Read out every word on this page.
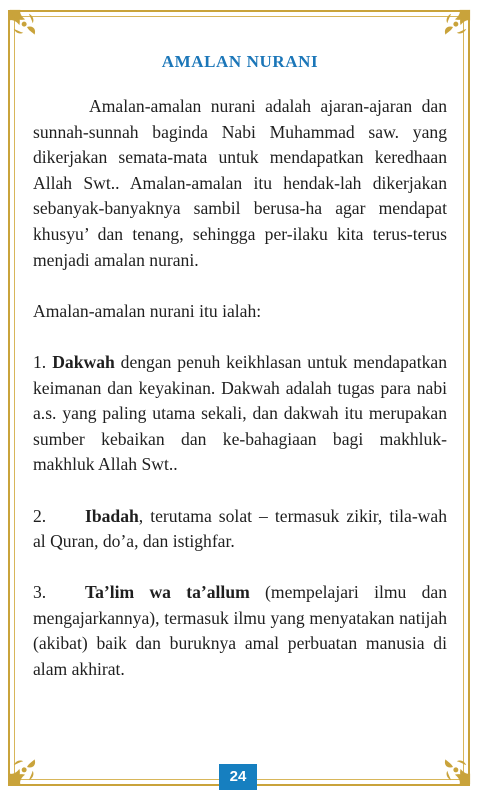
AMALAN NURANI

Amalan-amalan nurani adalah ajaran-ajaran dan sunnah-sunnah baginda Nabi Muhammad saw. yang dikerjakan semata-mata untuk mendapatkan keredhaan Allah Swt.. Amalan-amalan itu hendak-lah dikerjakan sebanyak-banyaknya sambil berusa-ha agar mendapat khusyu’ dan tenang, sehingga per-ilaku kita terus-terus menjadi amalan nurani.

Amalan-amalan nurani itu ialah:

1. Dakwah dengan penuh keikhlasan untuk mendapatkan keimanan dan keyakinan. Dakwah adalah tugas para nabi a.s. yang paling utama sekali, dan dakwah itu merupakan sumber kebaikan dan ke-bahagiaan bagi makhluk-makhluk Allah Swt..

2. Ibadah, terutama solat – termasuk zikir, tila-wah al Quran, do’a, dan istighfar.

3. Ta’lim wa ta’allum (mempelajari ilmu dan mengajarkannya), termasuk ilmu yang menyatakan natijah (akibat) baik dan buruknya amal perbuatan manusia di alam akhirat.

24
